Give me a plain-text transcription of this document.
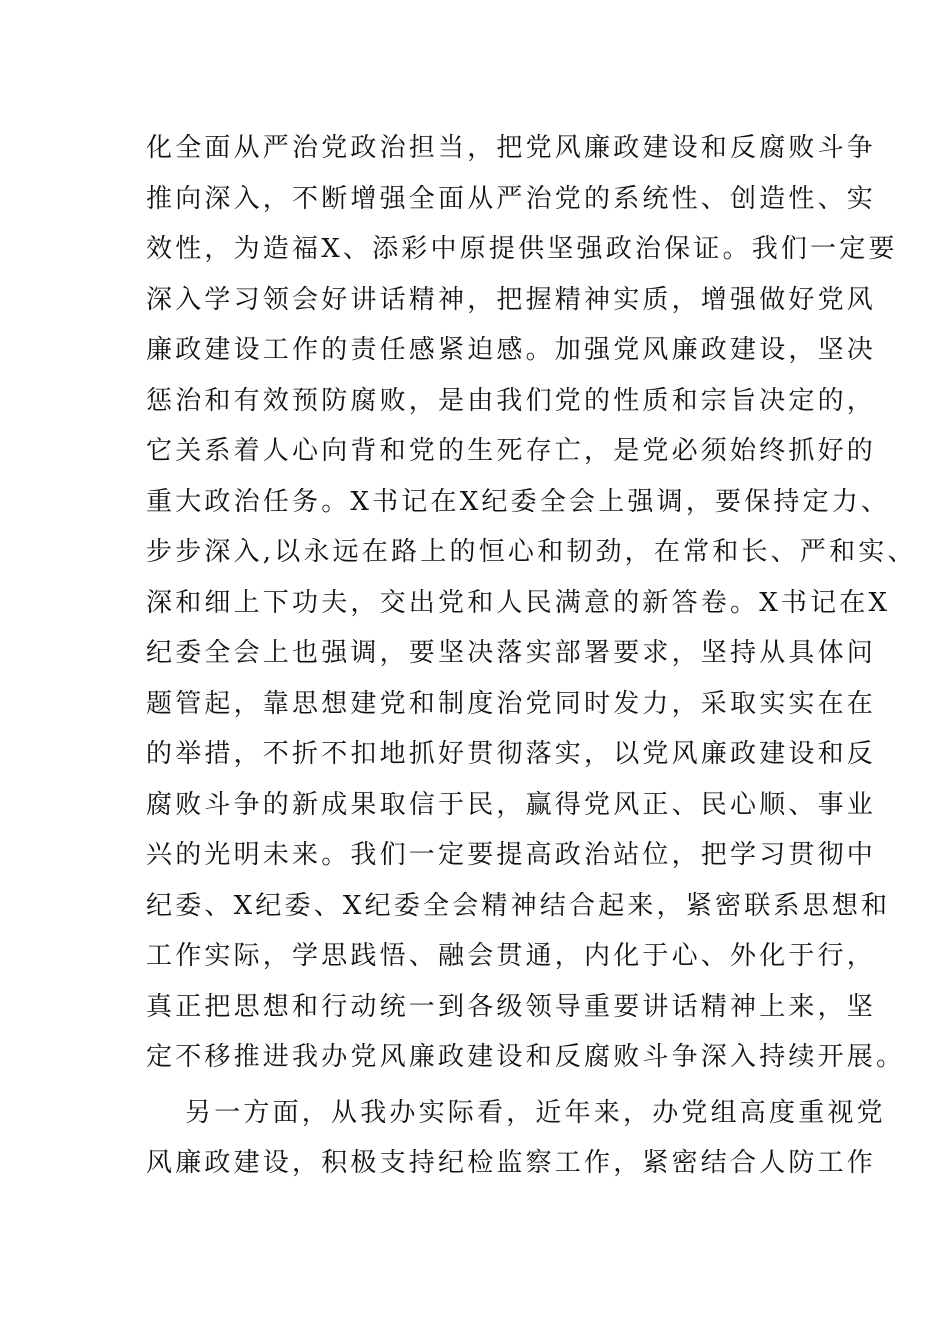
化全面从严治党政治担当，把党风廉政建设和反腐败斗争
推向深入，不断增强全面从严治党的系统性、创造性、实
效性，为造福X、添彩中原提供坚强政治保证。我们一定要
深入学习领会好讲话精神，把握精神实质，增强做好党风
廉政建设工作的责任感紧迫感。加强党风廉政建设，坚决
惩治和有效预防腐败，是由我们党的性质和宗旨决定的，
它关系着人心向背和党的生死存亡，是党必须始终抓好的
重大政治任务。X书记在X纪委全会上强调，要保持定力、
步步深入,以永远在路上的恒心和韧劲，在常和长、严和实、
深和细上下功夫，交出党和人民满意的新答卷。X书记在X
纪委全会上也强调，要坚决落实部署要求，坚持从具体问
题管起，靠思想建党和制度治党同时发力，采取实实在在
的举措，不折不扣地抓好贯彻落实，以党风廉政建设和反
腐败斗争的新成果取信于民，赢得党风正、民心顺、事业
兴的光明未来。我们一定要提高政治站位，把学习贯彻中
纪委、X纪委、X纪委全会精神结合起来，紧密联系思想和
工作实际，学思践悟、融会贯通，内化于心、外化于行，
真正把思想和行动统一到各级领导重要讲话精神上来，坚
定不移推进我办党风廉政建设和反腐败斗争深入持续开展。
另一方面，从我办实际看，近年来，办党组高度重视党
风廉政建设，积极支持纪检监察工作，紧密结合人防工作
